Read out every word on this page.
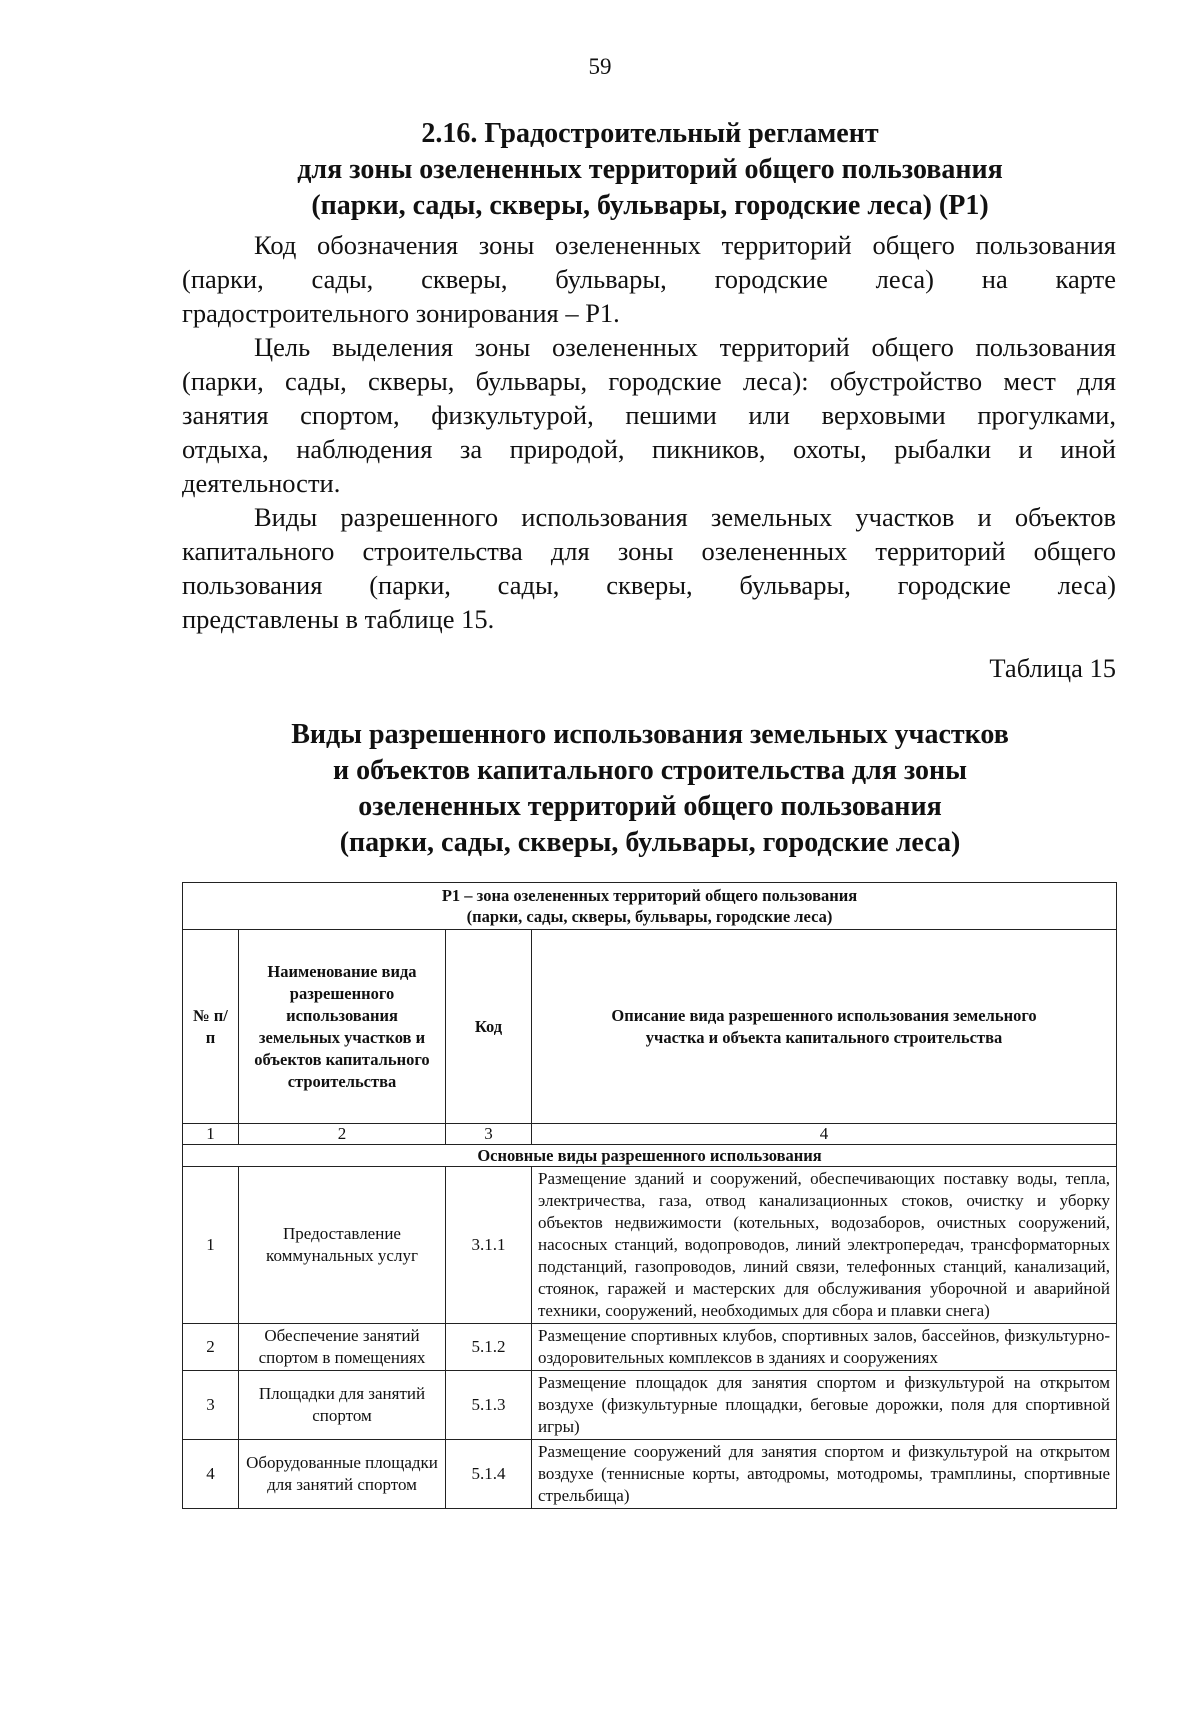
59
2.16. Градостроительный регламент
для зоны озелененных территорий общего пользования
(парки, сады, скверы, бульвары, городские леса) (Р1)

Код обозначения зоны озелененных территорий общего пользования
(парки, сады, скверы, бульвары, городские леса) на карте
градостроительного зонирования – Р1.

Цель выделения зоны озелененных территорий общего пользования
(парки, сады, скверы, бульвары, городские леса): обустройство мест для
занятия спортом, физкультурой, пешими или верховыми прогулками,
отдыха, наблюдения за природой, пикников, охоты, рыбалки и иной
деятельности.

Виды разрешенного использования земельных участков и объектов
капитального строительства для зоны озелененных территорий общего
пользования (парки, сады, скверы, бульвары, городские леса)
представлены в таблице 15.

Таблица 15
Виды разрешенного использования земельных участков
и объектов капитального строительства для зоны
озелененных территорий общего пользования
(парки, сады, скверы, бульвары, городские леса)
Р1 – зона озелененных территорий общего пользования
(парки, сады, скверы, бульвары, городские леса)			

№ п/п	Наименование вида разрешенного использования земельных участков и объектов капитального строительства	Код	Описание вида разрешенного использования земельного участка и объекта капитального строительства
1	2	3	4
Основные виды разрешенного использования			
1	Предоставление коммунальных услуг	3.1.1	Размещение зданий и сооружений, обеспечивающих поставку воды, тепла, электричества, газа, отвод канализационных стоков, очистку и уборку объектов недвижимости (котельных, водозаборов, очистных сооружений, насосных станций, водопроводов, линий электропередач, трансформаторных подстанций, газопроводов, линий связи, телефонных станций, канализаций, стоянок, гаражей и мастерских для обслуживания уборочной и аварийной техники, сооружений, необходимых для сбора и плавки снега)
2	Обеспечение занятий спортом в помещениях	5.1.2	Размещение спортивных клубов, спортивных залов, бассейнов, физкультурно-оздоровительных комплексов в зданиях и сооружениях
3	Площадки для занятий спортом	5.1.3	Размещение площадок для занятия спортом и физкультурой на открытом воздухе (физкультурные площадки, беговые дорожки, поля для спортивной игры)
4	Оборудованные площадки для занятий спортом	5.1.4	Размещение сооружений для занятия спортом и физкультурой на открытом воздухе (теннисные корты, автодромы, мотодромы, трамплины, спортивные стрельбища)
